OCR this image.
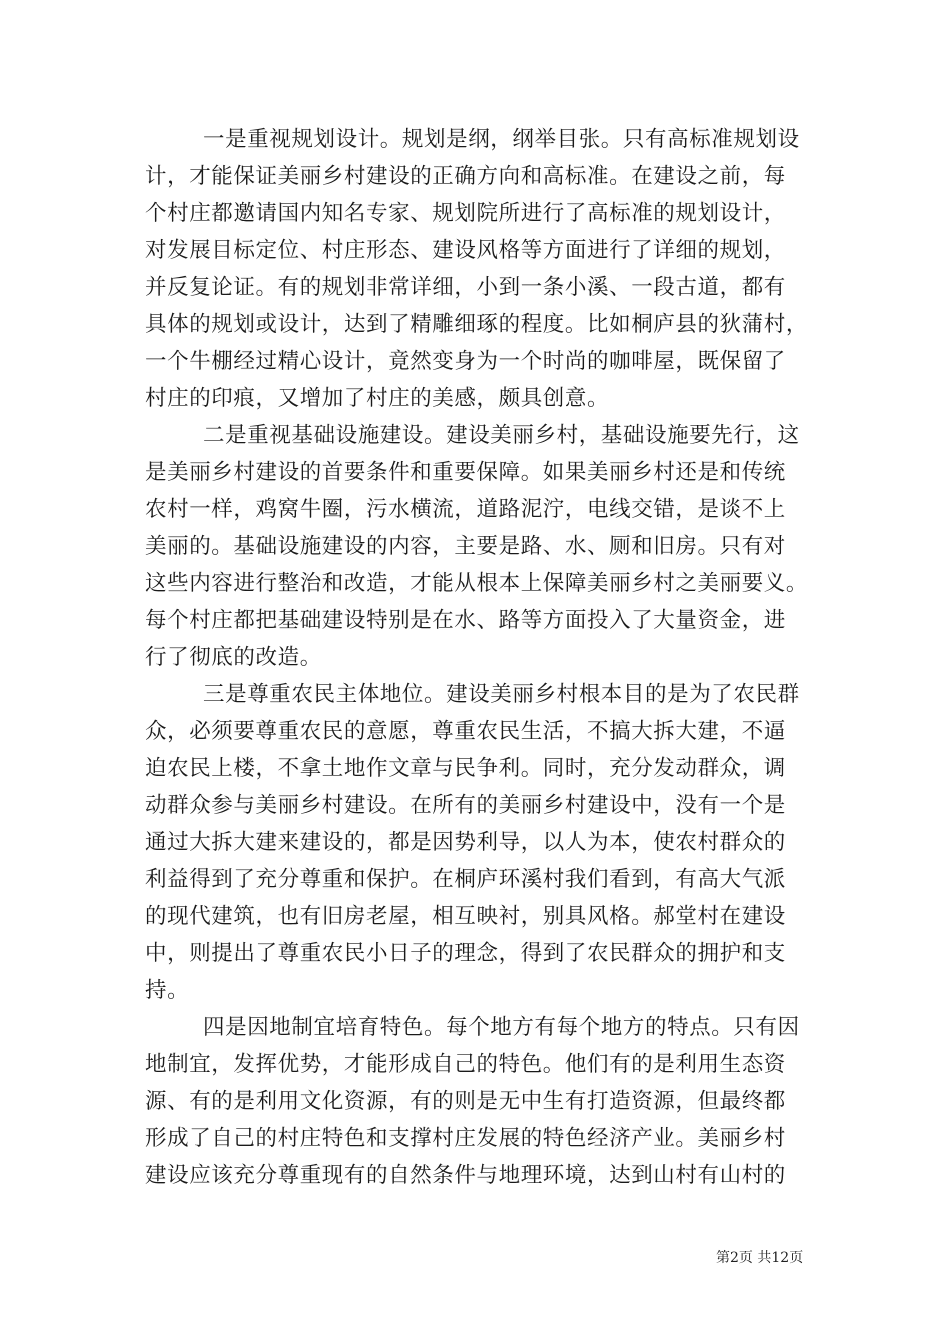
一是重视规划设计。规划是纲，纲举目张。只有高标准规划设
计，才能保证美丽乡村建设的正确方向和高标准。在建设之前，每
个村庄都邀请国内知名专家、规划院所进行了高标准的规划设计，
对发展目标定位、村庄形态、建设风格等方面进行了详细的规划，
并反复论证。有的规划非常详细，小到一条小溪、一段古道，都有
具体的规划或设计，达到了精雕细琢的程度。比如桐庐县的狄蒲村，
一个牛棚经过精心设计，竟然变身为一个时尚的咖啡屋，既保留了
村庄的印痕，又增加了村庄的美感，颇具创意。
二是重视基础设施建设。建设美丽乡村，基础设施要先行，这
是美丽乡村建设的首要条件和重要保障。如果美丽乡村还是和传统
农村一样，鸡窝牛圈，污水横流，道路泥泞，电线交错，是谈不上
美丽的。基础设施建设的内容，主要是路、水、厕和旧房。只有对
这些内容进行整治和改造，才能从根本上保障美丽乡村之美丽要义。
每个村庄都把基础建设特别是在水、路等方面投入了大量资金，进
行了彻底的改造。
三是尊重农民主体地位。建设美丽乡村根本目的是为了农民群
众，必须要尊重农民的意愿，尊重农民生活，不搞大拆大建，不逼
迫农民上楼，不拿土地作文章与民争利。同时，充分发动群众，调
动群众参与美丽乡村建设。在所有的美丽乡村建设中，没有一个是
通过大拆大建来建设的，都是因势利导，以人为本，使农村群众的
利益得到了充分尊重和保护。在桐庐环溪村我们看到，有高大气派
的现代建筑，也有旧房老屋，相互映衬，别具风格。郝堂村在建设
中，则提出了尊重农民小日子的理念，得到了农民群众的拥护和支
持。
四是因地制宜培育特色。每个地方有每个地方的特点。只有因
地制宜，发挥优势，才能形成自己的特色。他们有的是利用生态资
源、有的是利用文化资源，有的则是无中生有打造资源，但最终都
形成了自己的村庄特色和支撑村庄发展的特色经济产业。美丽乡村
建设应该充分尊重现有的自然条件与地理环境，达到山村有山村的
第2页 共12页
